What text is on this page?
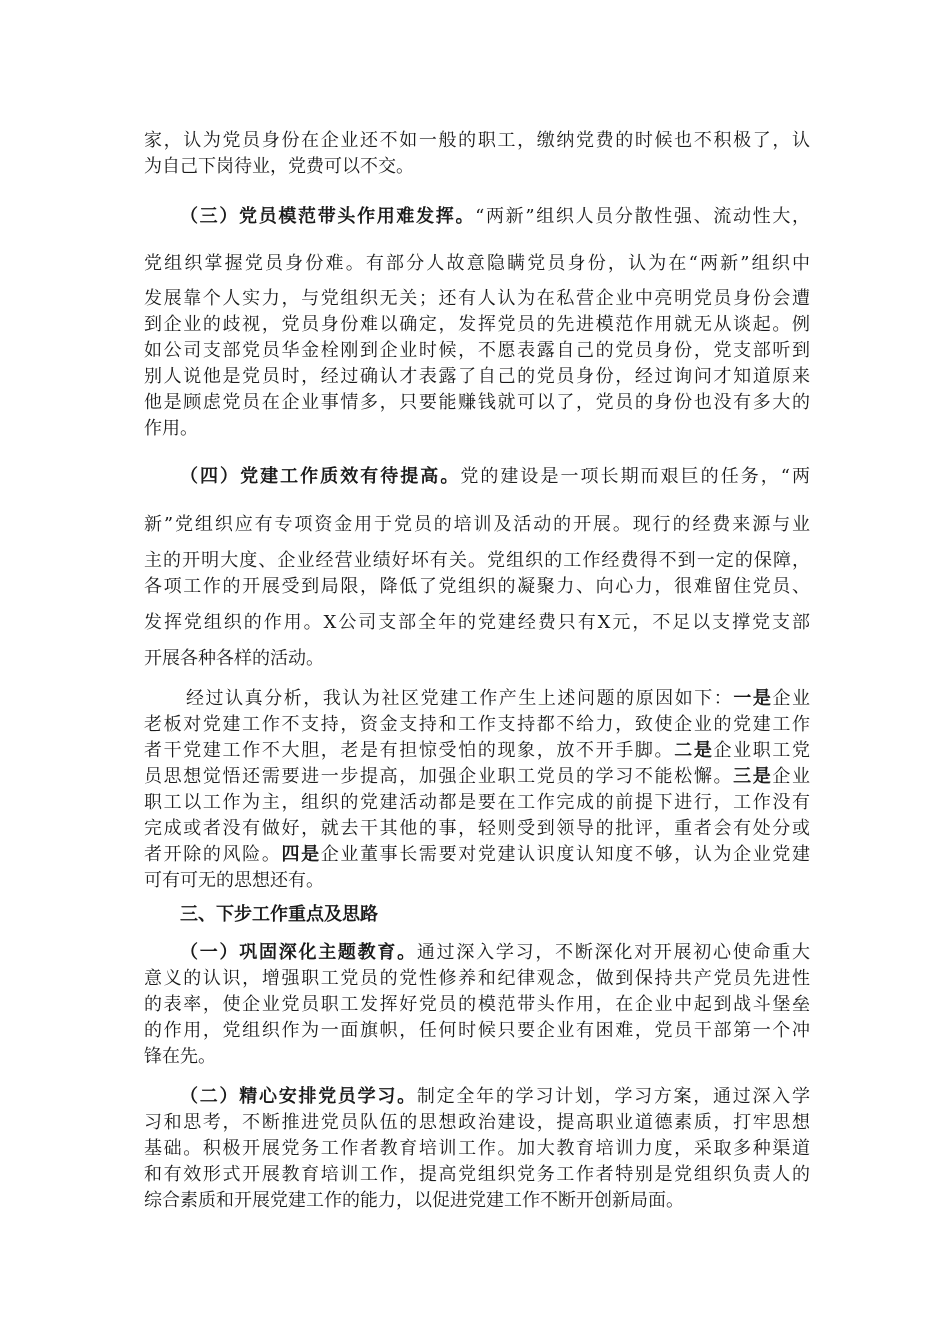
家，认为党员身份在企业还不如一般的职工，缴纳党费的时候也不积极了，认
为自己下岗待业，党费可以不交。
（三）党员模范带头作用难发挥。“两新”组织人员分散性强、流动性大，
党组织掌握党员身份难。有部分人故意隐瞒党员身份，认为在“两新”组织中
发展靠个人实力，与党组织无关；还有人认为在私营企业中亮明党员身份会遭
到企业的歧视，党员身份难以确定，发挥党员的先进模范作用就无从谈起。例
如公司支部党员华金栓刚到企业时候，不愿表露自己的党员身份，党支部听到
别人说他是党员时，经过确认才表露了自己的党员身份，经过询问才知道原来
他是顾虑党员在企业事情多，只要能赚钱就可以了，党员的身份也没有多大的
作用。
（四）党建工作质效有待提高。党的建设是一项长期而艰巨的任务，“两
新”党组织应有专项资金用于党员的培训及活动的开展。现行的经费来源与业
主的开明大度、企业经营业绩好坏有关。党组织的工作经费得不到一定的保障，
各项工作的开展受到局限，降低了党组织的凝聚力、向心力，很难留住党员、
发挥党组织的作用。X公司支部全年的党建经费只有X元，不足以支撑党支部
开展各种各样的活动。
经过认真分析，我认为社区党建工作产生上述问题的原因如下：一是企业
老板对党建工作不支持，资金支持和工作支持都不给力，致使企业的党建工作
者干党建工作不大胆，老是有担惊受怕的现象，放不开手脚。二是企业职工党
员思想觉悟还需要进一步提高，加强企业职工党员的学习不能松懈。三是企业
职工以工作为主，组织的党建活动都是要在工作完成的前提下进行，工作没有
完成或者没有做好，就去干其他的事，轻则受到领导的批评，重者会有处分或
者开除的风险。四是企业董事长需要对党建认识度认知度不够，认为企业党建
可有可无的思想还有。
三、下步工作重点及思路
（一）巩固深化主题教育。通过深入学习，不断深化对开展初心使命重大
意义的认识，增强职工党员的党性修养和纪律观念，做到保持共产党员先进性
的表率，使企业党员职工发挥好党员的模范带头作用，在企业中起到战斗堡垒
的作用，党组织作为一面旗帜，任何时候只要企业有困难，党员干部第一个冲
锋在先。
（二）精心安排党员学习。制定全年的学习计划，学习方案，通过深入学
习和思考，不断推进党员队伍的思想政治建设，提高职业道德素质，打牢思想
基础。积极开展党务工作者教育培训工作。加大教育培训力度，采取多种渠道
和有效形式开展教育培训工作，提高党组织党务工作者特别是党组织负责人的
综合素质和开展党建工作的能力，以促进党建工作不断开创新局面。
